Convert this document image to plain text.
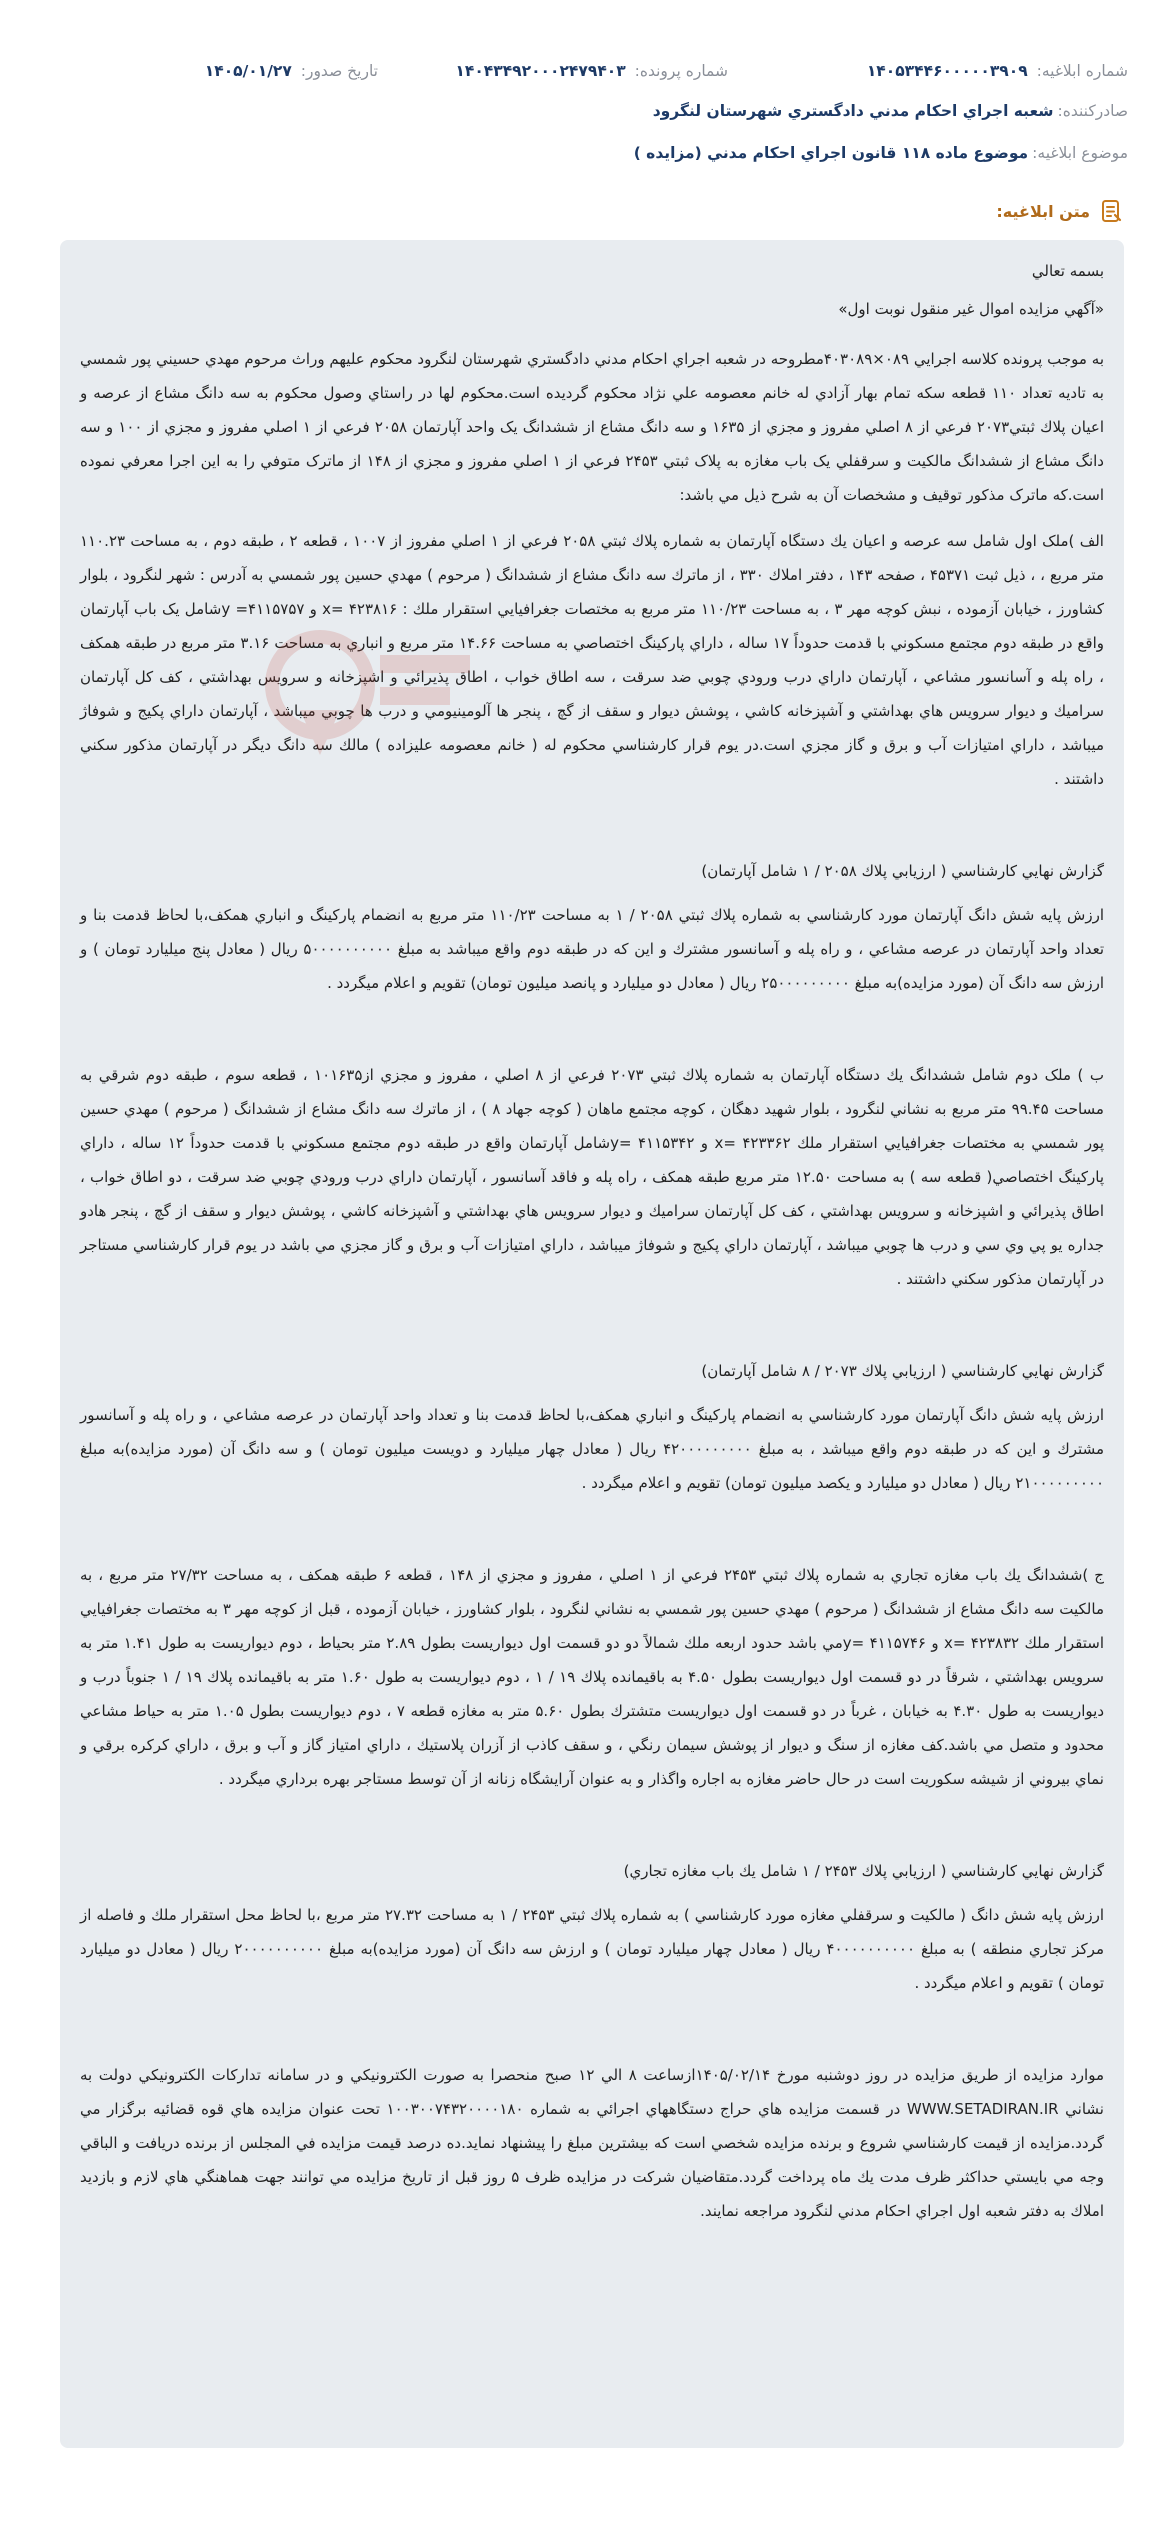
شماره ابلاغيه: ۱۴۰۵۳۴۴۶۰۰۰۰۰۳۹۰۹
شماره پرونده: ۱۴۰۴۳۴۹۲۰۰۰۲۴۷۹۴۰۳
تاريخ صدور: ۱۴۰۵/۰۱/۲۷
صادرکننده:
شعبه اجراي احكام مدني دادگستري شهرستان لنگرود
موضوع ابلاغيه:
موضوع ماده ۱۱۸ قانون اجراي احكام مدني (مزايده )
متن ابلاغيه:

بسمه تعالي

«آگهي مزايده اموال غير منقول نوبت اول»

به موجب پرونده كلاسه اجرايي ۰۸۹×۴۰۳۰۸۹مطروحه در شعبه اجراي احكام مدني دادگستري شهرستان لنگرود محكوم عليهم وراث مرحوم مهدي حسيني پور شمسي به تاديه تعداد ۱۱۰ قطعه سكه تمام بهار آزادي له خانم معصومه علي نژاد محكوم گرديده است.محكوم لها در راستاي وصول محكوم به سه دانگ مشاع از عرصه و اعيان پلاك ثبتي۲۰۷۳ فرعي از ۸ اصلي مفروز و مجزي از ۱۶۳۵ و سه دانگ مشاع از ششدانگ يک واحد آپارتمان ۲۰۵۸ فرعي از ۱ اصلي مفروز و مجزي از ۱۰۰ و سه دانگ مشاع از ششدانگ مالكيت و سرقفلي يک باب مغازه به پلاک ثبتي ۲۴۵۳ فرعي از ۱ اصلي مفروز و مجزي از ۱۴۸ از ماترک متوفي را به اين اجرا معرفي نموده است.كه ماترک مذكور توقيف و مشخصات آن به شرح ذيل مي باشد:

الف )ملک اول شامل سه عرصه و اعيان يك دستگاه آپارتمان به شماره پلاك ثبتي ۲۰۵۸ فرعي از ۱ اصلي مفروز از ۱۰۰۷ ، قطعه ۲ ، طبقه دوم ، به مساحت ۱۱۰.۲۳ متر مربع ، ، ذيل ثبت ۴۵۳۷۱ ، صفحه ۱۴۳ ، دفتر املاك ۳۳۰ ، از ماترك سه دانگ مشاع از ششدانگ ( مرحوم ) مهدي حسين پور شمسي به آدرس : شهر لنگرود ، بلوار كشاورز ، خيابان آزموده ، نبش كوچه مهر ۳ ، به مساحت ۱۱۰/۲۳ متر مربع به مختصات جغرافيايي استقرار ملك : x= ۴۲۳۸۱۶ و ۴۱۱۵۷۵۷= yشامل يک باب آپارتمان واقع در طبقه دوم مجتمع مسكوني با قدمت حدوداً ۱۷ ساله ، داراي پاركينگ اختصاصي به مساحت ۱۴.۶۶ متر مربع و انباري به مساحت ۳.۱۶ متر مربع در طبقه همكف ، راه پله و آسانسور مشاعي ، آپارتمان داراي درب ورودي چوبي ضد سرقت ، سه اطاق خواب ، اطاق پذيرائي و اشپزخانه و سرويس بهداشتي ، كف كل آپارتمان سراميك و ديوار سرويس هاي بهداشتي و آشپزخانه كاشي ، پوشش ديوار و سقف از گچ ، پنجر ها آلومينيومي و درب ها چوبي ميباشد ، آپارتمان داراي پكيج و شوفاژ ميباشد ، داراي امتيازات آب و برق و گاز مجزي است.در يوم قرار كارشناسي محكوم له ( خانم معصومه عليزاده ) مالك سه دانگ ديگر در آپارتمان مذكور سكني داشتند .

گزارش نهايي كارشناسي ( ارزيابي پلاك ۲۰۵۸ / ۱ شامل آپارتمان)

ارزش پايه شش دانگ آپارتمان مورد كارشناسي به شماره پلاك ثبتي ۲۰۵۸ / ۱ به مساحت ۱۱۰/۲۳ متر مربع به انضمام پاركينگ و انباري همكف،با لحاظ قدمت بنا و تعداد واحد آپارتمان در عرصه مشاعي ، و راه پله و آسانسور مشترك و اين كه در طبقه دوم واقع ميباشد به مبلغ ۵۰۰۰۰۰۰۰۰۰۰ ريال ( معادل پنج ميليارد تومان ) و ارزش سه دانگ آن (مورد مزايده)به مبلغ ۲۵۰۰۰۰۰۰۰۰۰ ريال ( معادل دو ميليارد و پانصد ميليون تومان) تقويم و اعلام ميگردد .

ب ) ملک دوم شامل ششدانگ يك دستگاه آپارتمان به شماره پلاك ثبتي ۲۰۷۳ فرعي از ۸ اصلي ، مفروز و مجزي از۱۰۱۶۳۵ ، قطعه سوم ، طبقه دوم شرقي به مساحت ۹۹.۴۵ متر مربع به نشاني لنگرود ، بلوار شهيد دهگان ، كوچه مجتمع ماهان ( كوچه جهاد ۸ ) ، از ماترك سه دانگ مشاع از ششدانگ ( مرحوم ) مهدي حسين پور شمسي به مختصات جغرافيايي استقرار ملك ۴۲۳۳۶۲ =x و ۴۱۱۵۳۴۲ =yشامل آپارتمان واقع در طبقه دوم مجتمع مسكوني با قدمت حدوداً ۱۲ ساله ، داراي پاركينگ اختصاصي( قطعه سه ) به مساحت ۱۲.۵۰ متر مربع طبقه همكف ، راه پله و فاقد آسانسور ، آپارتمان داراي درب ورودي چوبي ضد سرقت ، دو اطاق خواب ، اطاق پذيرائي و اشپزخانه و سرويس بهداشتي ، كف كل آپارتمان سراميك و ديوار سرويس هاي بهداشتي و آشپزخانه كاشي ، پوشش ديوار و سقف از گچ ، پنجر هادو جداره يو پي وي سي و درب ها چوبي ميباشد ، آپارتمان داراي پكيج و شوفاژ ميباشد ، داراي امتيازات آب و برق و گاز مجزي مي باشد در يوم قرار كارشناسي مستاجر در آپارتمان مذكور سكني داشتند .

گزارش نهايي كارشناسي ( ارزيابي پلاك ۲۰۷۳ / ۸ شامل آپارتمان)

ارزش پايه شش دانگ آپارتمان مورد كارشناسي به انضمام پاركينگ و انباري همكف،با لحاظ قدمت بنا و تعداد واحد آپارتمان در عرصه مشاعي ، و راه پله و آسانسور مشترك و اين كه در طبقه دوم واقع ميباشد ، به مبلغ ۴۲۰۰۰۰۰۰۰۰۰ ريال ( معادل چهار ميليارد و دويست ميليون تومان ) و سه دانگ آن (مورد مزايده)به مبلغ ۲۱۰۰۰۰۰۰۰۰۰ ريال ( معادل دو ميليارد و يكصد ميليون تومان) تقويم و اعلام ميگردد .

ج )ششدانگ يك باب مغازه تجاري به شماره پلاك ثبتي ۲۴۵۳ فرعي از ۱ اصلي ، مفروز و مجزي از ۱۴۸ ، قطعه ۶ طبقه همكف ، به مساحت ۲۷/۳۲ متر مربع ، به مالكيت سه دانگ مشاع از ششدانگ ( مرحوم ) مهدي حسين پور شمسي به نشاني لنگرود ، بلوار كشاورز ، خيابان آزموده ، قبل از كوچه مهر ۳ به مختصات جغرافيايي استقرار ملك ۴۲۳۸۳۲ =x و ۴۱۱۵۷۴۶ =yمي باشد حدود اربعه ملك شمالاً دو دو قسمت اول ديواريست بطول ۲.۸۹ متر بحياط ، دوم ديواريست به طول ۱.۴۱ متر به سرويس بهداشتي ، شرقاً در دو قسمت اول ديواريست بطول ۴.۵۰ به باقيمانده پلاك ۱۹ / ۱ ، دوم ديواريست به طول ۱.۶۰ متر به باقيمانده پلاك ۱۹ / ۱ جنوباً درب و ديواريست به طول ۴.۳۰ به خيابان ، غرباً در دو قسمت اول ديواريست متشترك بطول ۵.۶۰ متر به مغازه قطعه ۷ ، دوم ديواريست بطول ۱.۰۵ متر به حياط مشاعي محدود و متصل مي باشد.كف مغازه از سنگ و ديوار از پوشش سيمان رنگي ، و سقف كاذب از آزران پلاستيك ، داراي امتياز گاز و آب و برق ، داراي كركره برقي و نماي بيروني از شيشه سكوريت است در حال حاضر مغازه به اجاره واگذار و به عنوان آرايشگاه زنانه از آن توسط مستاجر بهره برداري ميگردد .

گزارش نهايي كارشناسي ( ارزيابي پلاك ۲۴۵۳ / ۱ شامل يك باب مغازه تجاري)

ارزش پايه شش دانگ ( مالكيت و سرقفلي مغازه مورد كارشناسي ) به شماره پلاك ثبتي ۲۴۵۳ / ۱ به مساحت ۲۷.۳۲ متر مربع ،با لحاظ محل استقرار ملك و فاصله از مركز تجاري منطقه ) به مبلغ ۴۰۰۰۰۰۰۰۰۰۰ ريال ( معادل چهار ميليارد تومان ) و ارزش سه دانگ آن (مورد مزايده)به مبلغ ۲۰۰۰۰۰۰۰۰۰۰ ريال ( معادل دو ميليارد تومان ) تقويم و اعلام ميگردد .

موارد مزايده از طريق مزايده در روز دوشنبه مورخ ۱۴۰۵/۰۲/۱۴ازساعت ۸ الي ۱۲ صبح منحصرا به صورت الكترونيكي و در سامانه تداركات الكترونيكي دولت به نشاني WWW.SETADIRAN.IR در قسمت مزايده هاي حراج دستگاههاي اجرائي به شماره ۱۰۰۳۰۰۷۴۳۲۰۰۰۰۱۸۰ تحت عنوان مزايده هاي قوه قضائيه برگزار مي گردد.مزايده از قيمت كارشناسي شروع و برنده مزايده شخصي است كه بيشترين مبلغ را پيشنهاد نمايد.ده درصد قيمت مزايده في المجلس از برنده دريافت و الباقي وجه مي بايستي حداكثر ظرف مدت يك ماه پرداخت گردد.متقاضيان شركت در مزايده ظرف ۵ روز قبل از تاريخ مزايده مي توانند جهت هماهنگي هاي لازم و بازديد املاك به دفتر شعبه اول اجراي احكام مدني لنگرود مراجعه نمايند.
